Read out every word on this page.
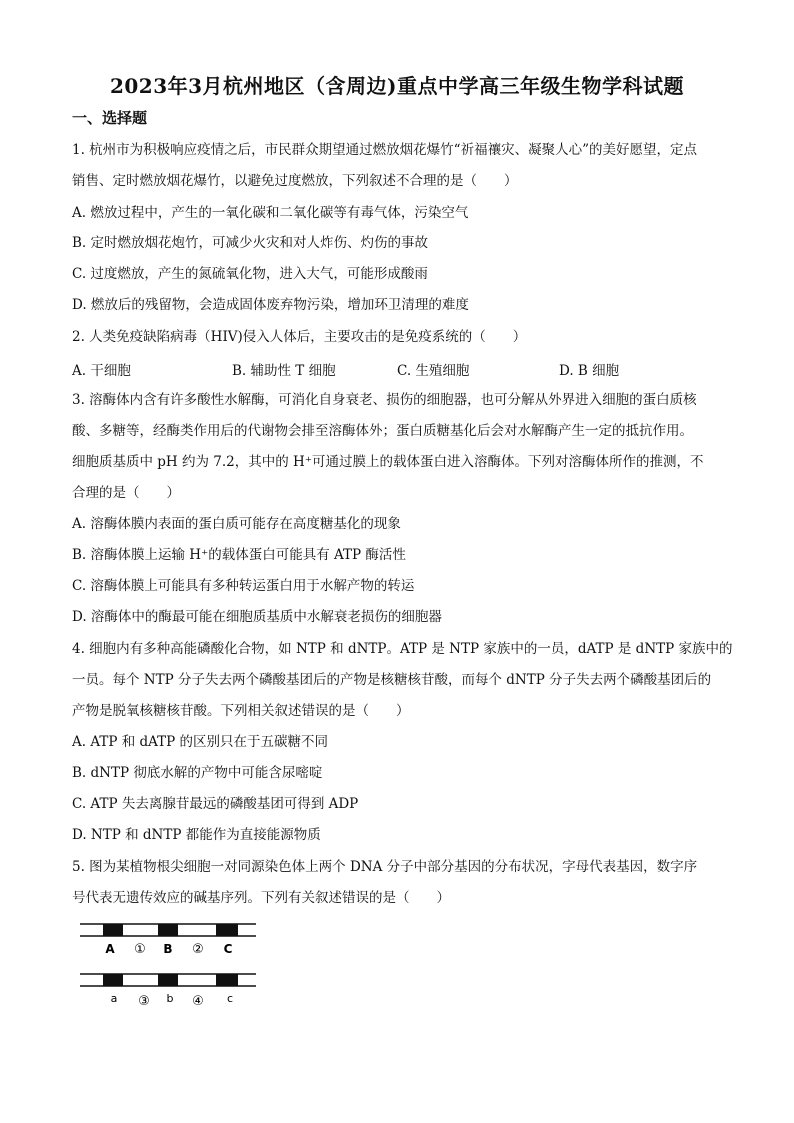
2023年3月杭州地区（含周边)重点中学高三年级生物学科试题
一、选择题
1. 杭州市为积极响应疫情之后，市民群众期望通过燃放烟花爆竹“祈福禳灾、凝聚人心”的美好愿望，定点
销售、定时燃放烟花爆竹，以避免过度燃放，下列叙述不合理的是（　　）
A. 燃放过程中，产生的一氧化碳和二氧化碳等有毒气体，污染空气
B. 定时燃放烟花炮竹，可减少火灾和对人炸伤、灼伤的事故
C. 过度燃放，产生的氮硫氧化物，进入大气，可能形成酸雨
D. 燃放后的残留物，会造成固体废弃物污染，增加环卫清理的难度
2. 人类免疫缺陷病毒（HIV)侵入人体后，主要攻击的是免疫系统的（　　）
A. 干细胞	B. 辅助性 T 细胞	C. 生殖细胞	D. B 细胞
3. 溶酶体内含有许多酸性水解酶，可消化自身衰老、损伤的细胞器，也可分解从外界进入细胞的蛋白质核
酸、多糖等，经酶类作用后的代谢物会排至溶酶体外；蛋白质糖基化后会对水解酶产生一定的抵抗作用。
细胞质基质中 pH 约为 7.2，其中的 H⁺可通过膜上的载体蛋白进入溶酶体。下列对溶酶体所作的推测，不
合理的是（　　）
A. 溶酶体膜内表面的蛋白质可能存在高度糖基化的现象
B. 溶酶体膜上运输 H⁺的载体蛋白可能具有 ATP 酶活性
C. 溶酶体膜上可能具有多种转运蛋白用于水解产物的转运
D. 溶酶体中的酶最可能在细胞质基质中水解衰老损伤的细胞器
4. 细胞内有多种高能磷酸化合物，如 NTP 和 dNTP。ATP 是 NTP 家族中的一员，dATP 是 dNTP 家族中的
一员。每个 NTP 分子失去两个磷酸基团后的产物是核糖核苷酸，而每个 dNTP 分子失去两个磷酸基团后的
产物是脱氧核糖核苷酸。下列相关叙述错误的是（　　）
A. ATP 和 dATP 的区别只在于五碳糖不同
B. dNTP 彻底水解的产物中可能含尿嘧啶
C. ATP 失去离腺苷最远的磷酸基团可得到 ADP
D. NTP 和 dNTP 都能作为直接能源物质
5. 图为某植物根尖细胞一对同源染色体上两个 DNA 分子中部分基因的分布状况，字母代表基因，数字序
号代表无遗传效应的碱基序列。下列有关叙述错误的是（　　）
A ① B ② C
a ③ b ④ c
